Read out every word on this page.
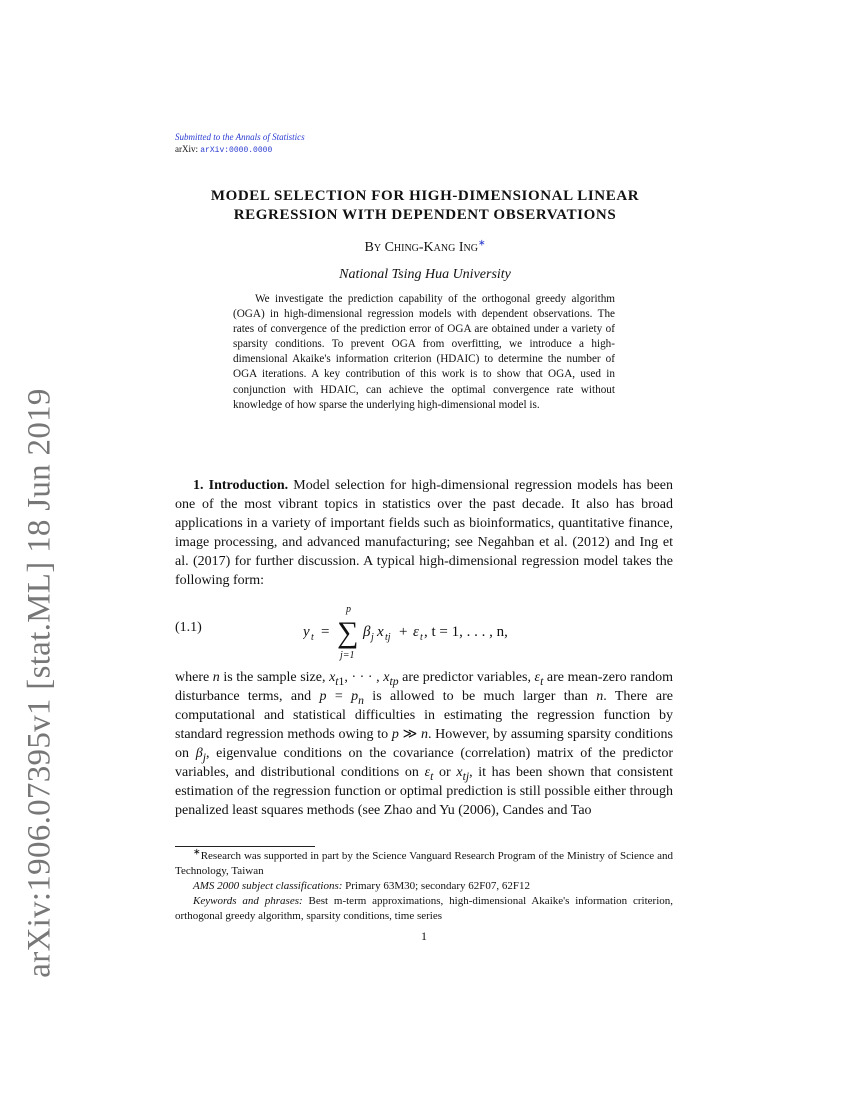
arXiv:1906.07395v1 [stat.ML] 18 Jun 2019
Submitted to the Annals of Statistics
arXiv: arXiv:0000.0000
MODEL SELECTION FOR HIGH-DIMENSIONAL LINEAR
REGRESSION WITH DEPENDENT OBSERVATIONS
By Ching-Kang Ing∗
National Tsing Hua University
We investigate the prediction capability of the orthogonal greedy algorithm (OGA) in high-dimensional regression models with dependent observations. The rates of convergence of the prediction error of OGA are obtained under a variety of sparsity conditions. To prevent OGA from overfitting, we introduce a high-dimensional Akaike's information criterion (HDAIC) to determine the number of OGA iterations. A key contribution of this work is to show that OGA, used in conjunction with HDAIC, can achieve the optimal convergence rate without knowledge of how sparse the underlying high-dimensional model is.
1. Introduction. Model selection for high-dimensional regression models has been one of the most vibrant topics in statistics over the past decade. It also has broad applications in a variety of important fields such as bioinformatics, quantitative finance, image processing, and advanced manufacturing; see Negahban et al. (2012) and Ing et al. (2017) for further discussion. A typical high-dimensional regression model takes the following form:
(1.1)	y t = ∑
p
j=1
β j x tj + ε t , t = 1, . . . , n,
where n is the sample size, $x_{t1}$, · · · , $x_{tp}$ are predictor variables, $\varepsilon_t$ are mean-zero random disturbance terms, and $p = p_n$ is allowed to be much larger than n. There are computational and statistical difficulties in estimating the regression function by standard regression methods owing to p ≫ n. However, by assuming sparsity conditions on $\beta_j$, eigenvalue conditions on the covariance (correlation) matrix of the predictor variables, and distributional conditions on $\varepsilon_t$ or $x_{tj}$, it has been shown that consistent estimation of the regression function or optimal prediction is still possible either through penalized least squares methods (see Zhao and Yu (2006), Candes and Tao
∗Research was supported in part by the Science Vanguard Research Program of the Ministry of Science and Technology, Taiwan
AMS 2000 subject classifications: Primary 63M30; secondary 62F07, 62F12
Keywords and phrases: Best m-term approximations, high-dimensional Akaike's information criterion, orthogonal greedy algorithm, sparsity conditions, time series
1
